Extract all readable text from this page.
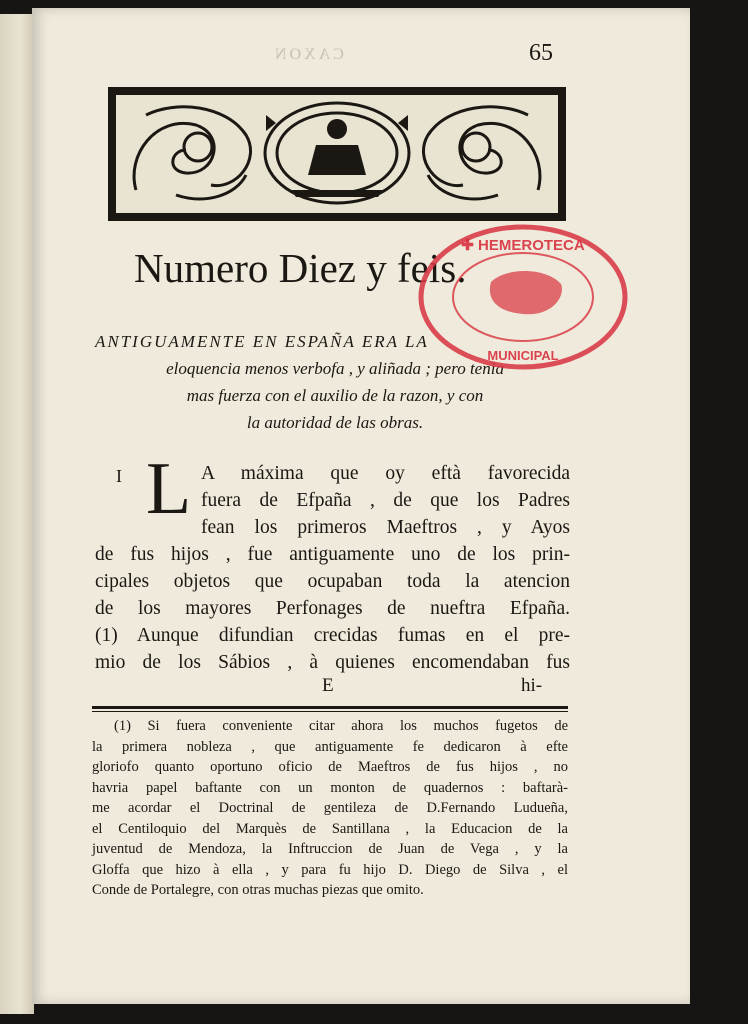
CAXON	65
Numero Diez y feis.
ANTIGUAMENTE EN ESPAÑA ERA LA
eloquencia menos verbofa , y aliñada ; pero tenia
mas fuerza con el auxilio de la razon, y con
la autoridad de las obras.
✚ HEMEROTECA
MUNICIPAL
I L A máxima que oy eftà favorecida
fuera de Efpaña , de que los Padres
fean los primeros Maeftros , y Ayos
de fus hijos , fue antiguamente uno de los prin-
cipales objetos que ocupaban toda la atencion
de los mayores Perfonages de nueftra Efpaña.
(1) Aunque difundian crecidas fumas en el pre-
mio de los Sábios , à quienes encomendaban fus
E	hi-
(1) Si fuera conveniente citar ahora los muchos fugetos de
la primera nobleza , que antiguamente fe dedicaron à efte
gloriofo quanto oportuno oficio de Maeftros de fus hijos , no
havria papel baftante con un monton de quadernos : baftarà-
me acordar el Doctrinal de gentileza de D.Fernando Ludueña,
el Centiloquio del Marquès de Santillana , la Educacion de la
juventud de Mendoza, la Inftruccion de Juan de Vega , y la
Gloffa que hizo à ella , y para fu hijo D. Diego de Silva , el
Conde de Portalegre, con otras muchas piezas que omito.
